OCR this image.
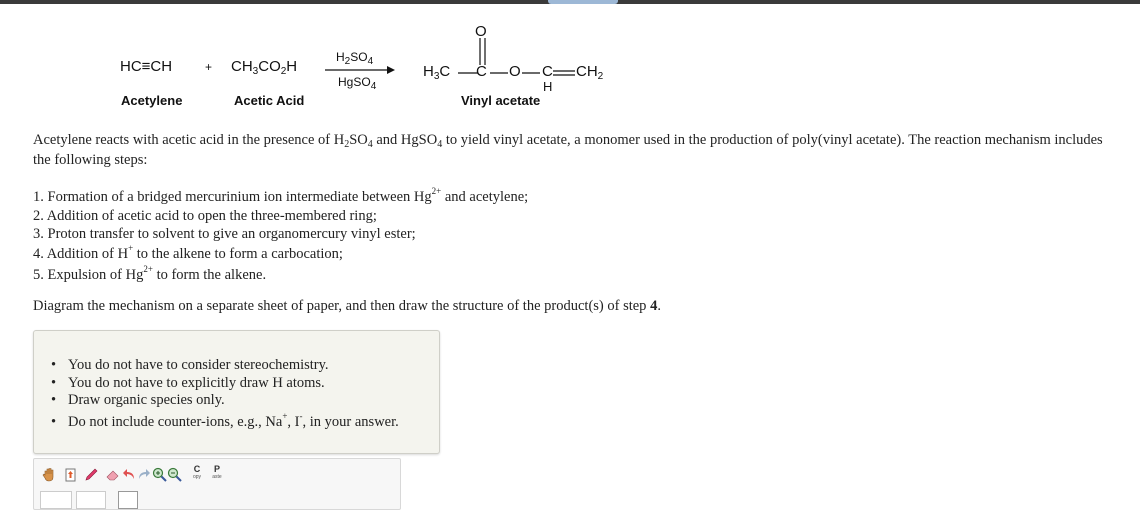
HC≡CH	+ $CH_3CO_2H$
$H_2SO_4$
HgSO$_4$
$H_3C$
O
C O C
H
$CH_2$
Acetylene	Acetic Acid	Vinyl acetate
Acetylene reacts with acetic acid in the presence of $H_2SO_4$ and HgSO$_4$ to yield vinyl acetate, a monomer used in the production of poly(vinyl acetate). The reaction mechanism includes the following steps:
1. Formation of a bridged mercurinium ion intermediate between $Hg^{2+}$ and acetylene;
2. Addition of acetic acid to open the three-membered ring;
3. Proton transfer to solvent to give an organomercury vinyl ester;
4. Addition of H+ to the alkene to form a carbocation;
5. Expulsion of $Hg^{2+}$ to form the alkene.
Diagram the mechanism on a separate sheet of paper, and then draw the structure of the product(s) of step 4.
• You do not have to consider stereochemistry.
• You do not have to explicitly draw H atoms.
• Draw organic species only.
• Do not include counter-ions, e.g., Na+, I-, in your answer.
C
opy
P
aste
